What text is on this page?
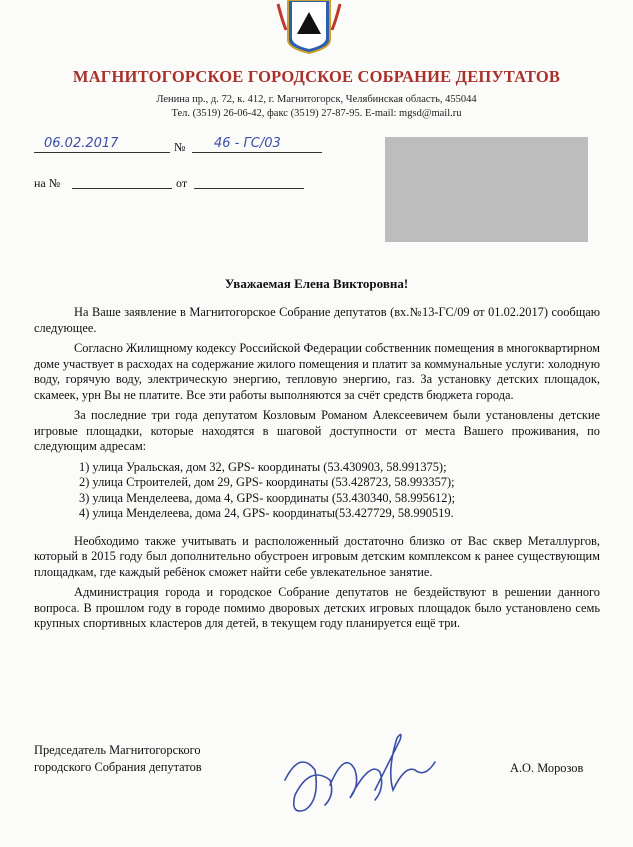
МАГНИТОГОРСКОЕ ГОРОДСКОЕ СОБРАНИЕ ДЕПУТАТОВ
Ленина пр., д. 72, к. 412, г. Магнитогорск, Челябинская область, 455044
Тел. (3519) 26-06-42, факс (3519) 27-87-95. E-mail: mgsd@mail.ru
06.02.2017	№ 46 - ГС/03
на №	от
Уважаемая Елена Викторовна!

На Ваше заявление в Магнитогорское Собрание депутатов (вх.№13-ГС/09 от 01.02.2017) сообщаю следующее.

Согласно Жилищному кодексу Российской Федерации собственник помещения в многоквартирном доме участвует в расходах на содержание жилого помещения и платит за коммунальные услуги: холодную воду, горячую воду, электрическую энергию, тепловую энергию, газ. За установку детских площадок, скамеек, урн Вы не платите. Все эти работы выполняются за счёт средств бюджета города.

За последние три года депутатом Козловым Романом Алексеевичем были установлены детские игровые площадки, которые находятся в шаговой доступности от места Вашего проживания, по следующим адресам:

1) улица Уральская, дом 32, GPS- координаты (53.430903, 58.991375);
2) улица Строителей, дом 29, GPS- координаты (53.428723, 58.993357);
3) улица Менделеева, дома 4, GPS- координаты (53.430340, 58.995612);
4) улица Менделеева, дома 24, GPS- координаты(53.427729, 58.990519.

Необходимо также учитывать и расположенный достаточно близко от Вас сквер Металлургов, который в 2015 году был дополнительно обустроен игровым детским комплексом к ранее существующим площадкам, где каждый ребёнок сможет найти себе увлекательное занятие.

Администрация города и городское Собрание депутатов не бездействуют в решении данного вопроса. В прошлом году в городе помимо дворовых детских игровых площадок было установлено семь крупных спортивных кластеров для детей, в текущем году планируется ещё три.

Председатель Магнитогорского
городского Собрания депутатов	А.О. Морозов
